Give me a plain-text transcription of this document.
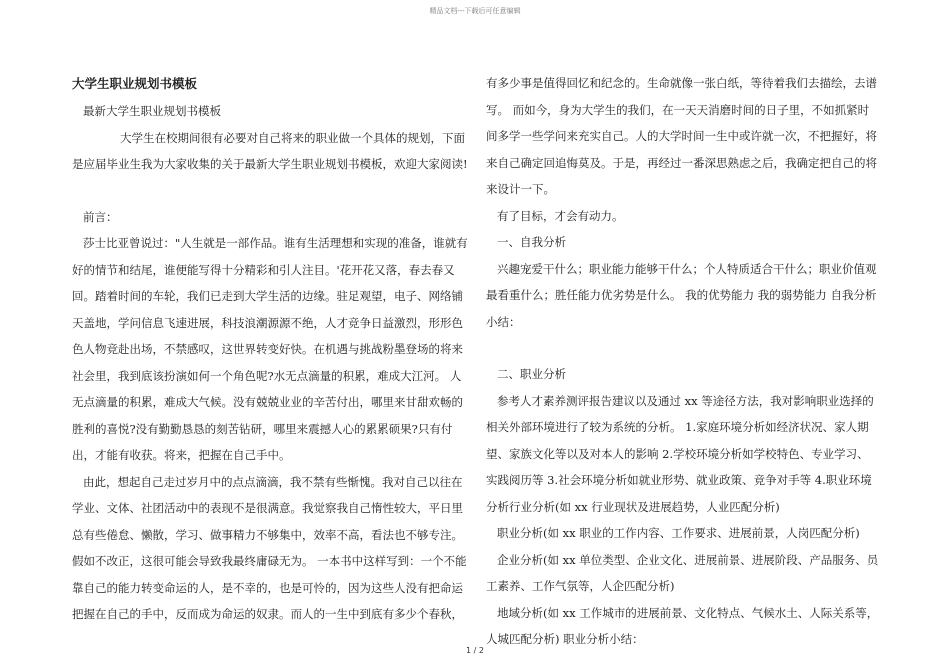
精品文档---下载后可任意编辑

大学生职业规划书模板

最新大学生职业规划书模板

大学生在校期间很有必要对自己将来的职业做一个具体的规划，下面是应届毕业生我为大家收集的关于最新大学生职业规划书模板，欢迎大家阅读!

前言：

莎士比亚曾说过："人生就是一部作品。谁有生活理想和实现的准备，谁就有好的情节和结尾，谁便能写得十分精彩和引人注目。'花开花又落，春去春又回。踏着时间的车轮，我们已走到大学生活的边缘。驻足观望，电子、网络铺天盖地，学问信息飞速进展，科技浪潮源源不绝，人才竞争日益激烈，形形色色人物竞赴出场，不禁感叹，这世界转变好快。在机遇与挑战粉墨登场的将来社会里，我到底该扮演如何一个角色呢?水无点滴量的积累，难成大江河。 人无点滴量的积累，难成大气候。没有兢兢业业的辛苦付出，哪里来甘甜欢畅的胜利的喜悦?没有勤勤恳恳的刻苦钻研，哪里来震撼人心的累累硕果?只有付出，才能有收获。将来，把握在自己手中。

由此，想起自己走过岁月中的点点滴滴，我不禁有些惭愧。我对自己以往在学业、文体、社团活动中的表现不是很满意。我觉察我自己惰性较大，平日里总有些倦怠、懒散，学习、做事精力不够集中，效率不高，看法也不够专注。假如不改正，这很可能会导致我最终庸碌无为。 一本书中这样写到：一个不能靠自己的能力转变命运的人，是不幸的，也是可怜的，因为这些人没有把命运把握在自己的手中，反而成为命运的奴隶。而人的一生中到底有多少个春秋，

有多少事是值得回忆和纪念的。生命就像一张白纸，等待着我们去描绘，去谱写。 而如今，身为大学生的我们，在一天天消磨时间的日子里，不如抓紧时间多学一些学问来充实自己。人的大学时间一生中或许就一次，不把握好，将来自己确定回追悔莫及。于是，再经过一番深思熟虑之后，我确定把自己的将来设计一下。

有了目标，才会有动力。

一、自我分析

兴趣宠爱干什么；职业能力能够干什么；个人特质适合干什么；职业价值观最看重什么；胜任能力优劣势是什么。 我的优势能力 我的弱势能力 自我分析小结：

二、职业分析

参考人才素养测评报告建议以及通过 xx 等途径方法，我对影响职业选择的相关外部环境进行了较为系统的分析。 1.家庭环境分析如经济状况、家人期望、家族文化等以及对本人的影响 2.学校环境分析如学校特色、专业学习、实践阅历等 3.社会环境分析如就业形势、就业政策、竞争对手等 4.职业环境分析行业分析(如 xx 行业现状及进展趋势，人业匹配分析)

职业分析(如 xx 职业的工作内容、工作要求、进展前景，人岗匹配分析)

企业分析(如 xx 单位类型、企业文化、进展前景、进展阶段、产品服务、员工素养、工作气氛等，人企匹配分析)

地域分析(如 xx 工作城市的进展前景、文化特点、气候水土、人际关系等，人城匹配分析) 职业分析小结：

1 / 2
